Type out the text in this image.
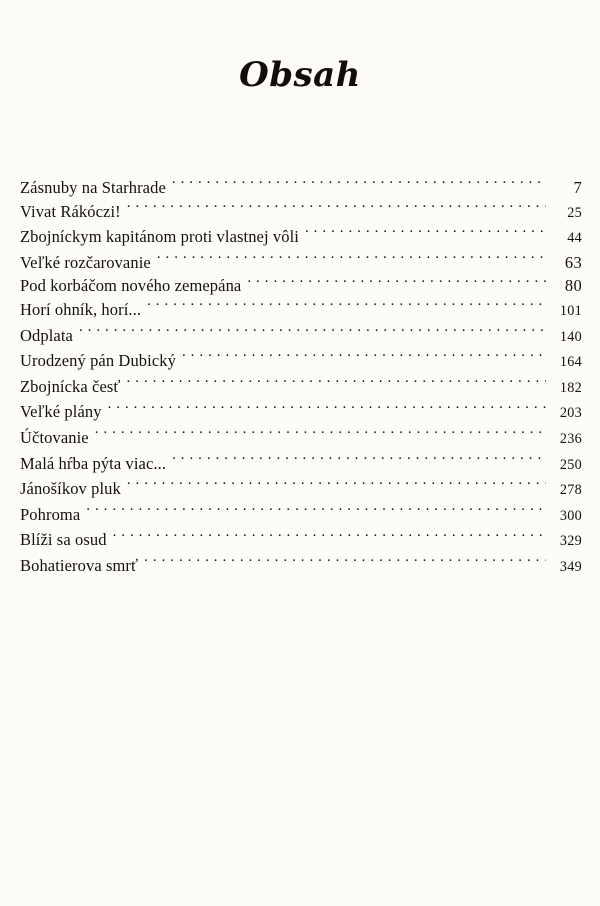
Obsah
Zásnuby na Starhrade . . .	7
Vivat Rákóczi! . . .	25
Zbojníckym kapitánom proti vlastnej vôli . . .	44
Veľké rozčarovanie . . .	63
Pod korbáčom nového zemepána . . .	80
Horí ohník, horí... . . .	101
Odplata . . .	140
Urodzený pán Dubický . . .	164
Zbojnícka česť . . .	182
Veľké plány . . .	203
Účtovanie . . .	236
Malá hŕba pýta viac... . . .	250
Jánošíkov pluk . . .	278
Pohroma . . .	300
Blíži sa osud . . .	329
Bohatierova smrť . . .	349
